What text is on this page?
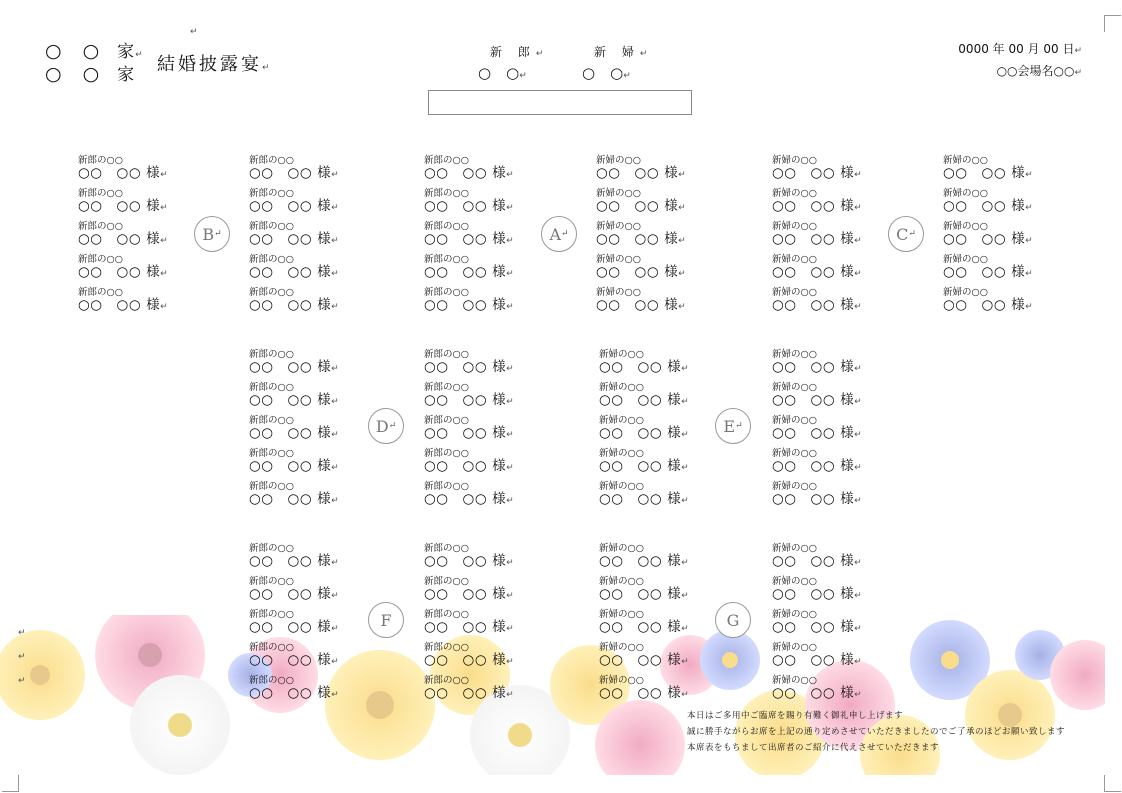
↵
↵
↵
↵
○　○ 家↵
○　○ 家 結婚披露宴↵
新 郎↵	新 婦↵
○　○↵	○　○↵
0000 年 00 月 00 日↵
○○会場名○○↵
新郎の○○
○○　○○ 様↵
新郎の○○
○○　○○ 様↵
新郎の○○
○○　○○ 様↵
新郎の○○
○○　○○ 様↵
新郎の○○
○○　○○ 様↵
新郎の○○
○○　○○ 様↵
新郎の○○
○○　○○ 様↵
新郎の○○
○○　○○ 様↵
新郎の○○
○○　○○ 様↵
新郎の○○
○○　○○ 様↵
新郎の○○
○○　○○ 様↵
新郎の○○
○○　○○ 様↵
新郎の○○
○○　○○ 様↵
新郎の○○
○○　○○ 様↵
新郎の○○
○○　○○ 様↵
新婦の○○
○○　○○ 様↵
新婦の○○
○○　○○ 様↵
新婦の○○
○○　○○ 様↵
新婦の○○
○○　○○ 様↵
新婦の○○
○○　○○ 様↵
新婦の○○
○○　○○ 様↵
新婦の○○
○○　○○ 様↵
新婦の○○
○○　○○ 様↵
新婦の○○
○○　○○ 様↵
新婦の○○
○○　○○ 様↵
新婦の○○
○○　○○ 様↵
新婦の○○
○○　○○ 様↵
新婦の○○
○○　○○ 様↵
新婦の○○
○○　○○ 様↵
新婦の○○
○○　○○ 様↵
新郎の○○
○○　○○ 様↵
新郎の○○
○○　○○ 様↵
新郎の○○
○○　○○ 様↵
新郎の○○
○○　○○ 様↵
新郎の○○
○○　○○ 様↵
新郎の○○
○○　○○ 様↵
新郎の○○
○○　○○ 様↵
新郎の○○
○○　○○ 様↵
新郎の○○
○○　○○ 様↵
新郎の○○
○○　○○ 様↵
新婦の○○
○○　○○ 様↵
新婦の○○
○○　○○ 様↵
新婦の○○
○○　○○ 様↵
新婦の○○
○○　○○ 様↵
新婦の○○
○○　○○ 様↵
新婦の○○
○○　○○ 様↵
新婦の○○
○○　○○ 様↵
新婦の○○
○○　○○ 様↵
新婦の○○
○○　○○ 様↵
新婦の○○
○○　○○ 様↵
新郎の○○
○○　○○ 様↵
新郎の○○
○○　○○ 様↵
新郎の○○
○○　○○ 様↵
新郎の○○
○○　○○ 様↵
新郎の○○
○○　○○ 様↵
新郎の○○
○○　○○ 様↵
新郎の○○
○○　○○ 様↵
新郎の○○
○○　○○ 様↵
新郎の○○
○○　○○ 様↵
新郎の○○
○○　○○ 様↵
新婦の○○
○○　○○ 様↵
新婦の○○
○○　○○ 様↵
新婦の○○
○○　○○ 様↵
新婦の○○
○○　○○ 様↵
新婦の○○
○○　○○ 様↵
新婦の○○
○○　○○ 様↵
新婦の○○
○○　○○ 様↵
新婦の○○
○○　○○ 様↵
新婦の○○
○○　○○ 様↵
新婦の○○
○○　○○ 様↵
B ↵	A ↵	C ↵
D ↵	E ↵
F	G
本日はご多用中ご臨席を賜り有難く御礼申し上げます
誠に勝手ながらお席を上記の通り定めさせていただきましたのでご了承のほどお願い致します
本席表をもちまして出席者のご紹介に代えさせていただきます
